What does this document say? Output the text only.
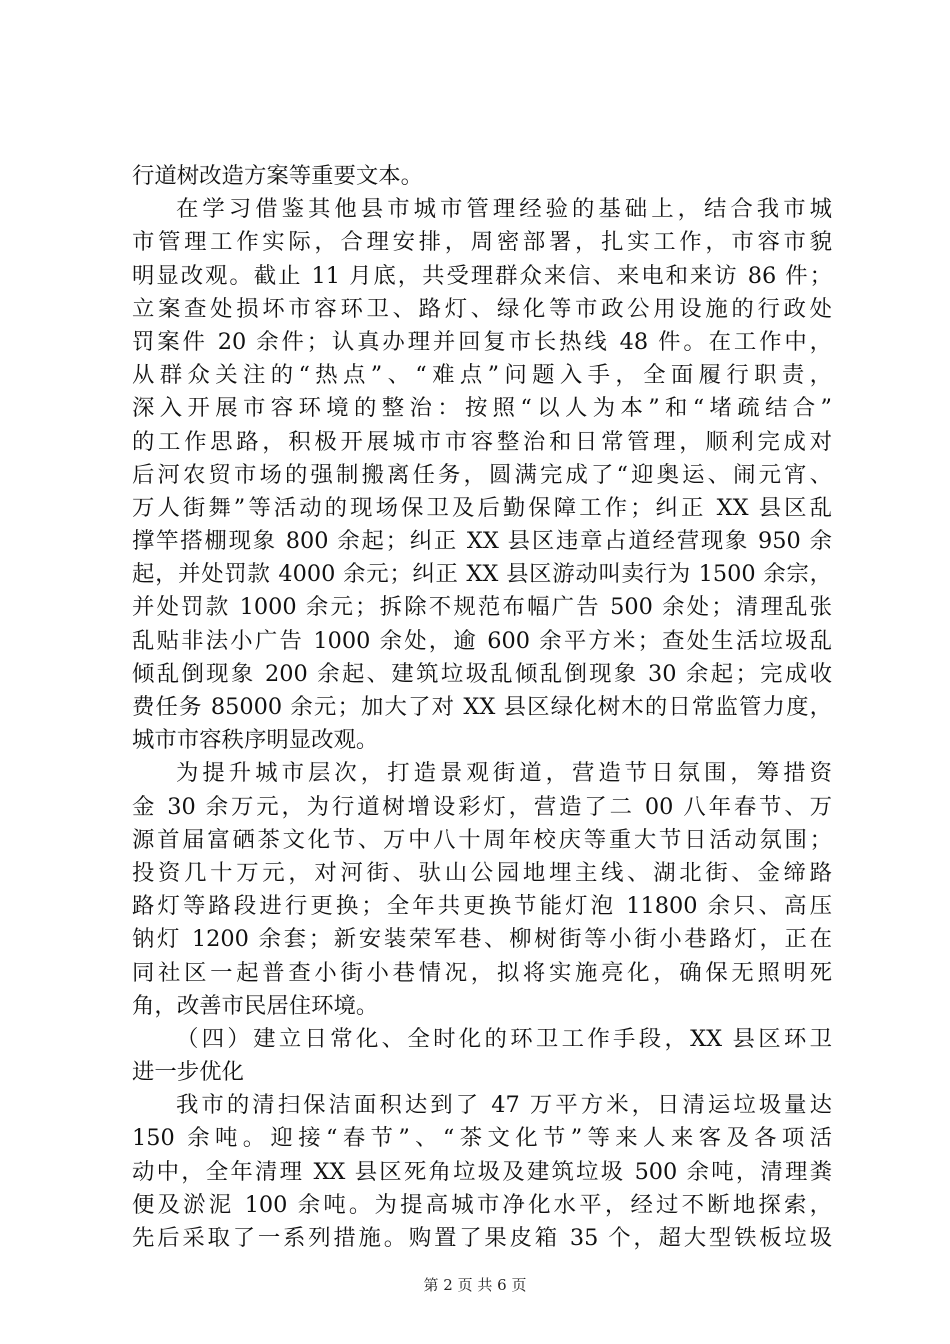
行道树改造方案等重要文本。
在学习借鉴其他县市城市管理经验的基础上，结合我市城
市管理工作实际，合理安排，周密部署，扎实工作，市容市貌
明显改观。截止 11 月底，共受理群众来信、来电和来访 86 件；
立案查处损坏市容环卫、路灯、绿化等市政公用设施的行政处
罚案件 20 余件；认真办理并回复市长热线 48 件。在工作中，
从群众关注的“热点”、“难点”问题入手，全面履行职责，
深入开展市容环境的整治：按照“以人为本”和“堵疏结合”
的工作思路，积极开展城市市容整治和日常管理，顺利完成对
后河农贸市场的强制搬离任务，圆满完成了“迎奥运、闹元宵、
万人街舞”等活动的现场保卫及后勤保障工作；纠正 XX 县区乱
撑竿搭棚现象 800 余起；纠正 XX 县区违章占道经营现象 950 余
起，并处罚款 4000 余元；纠正 XX 县区游动叫卖行为 1500 余宗，
并处罚款 1000 余元；拆除不规范布幅广告 500 余处；清理乱张
乱贴非法小广告 1000 余处，逾 600 余平方米；查处生活垃圾乱
倾乱倒现象 200 余起、建筑垃圾乱倾乱倒现象 30 余起；完成收
费任务 85000 余元；加大了对 XX 县区绿化树木的日常监管力度，
城市市容秩序明显改观。
为提升城市层次，打造景观街道，营造节日氛围，筹措资
金 30 余万元，为行道树增设彩灯，营造了二 00 八年春节、万
源首届富硒茶文化节、万中八十周年校庆等重大节日活动氛围；
投资几十万元，对河街、驮山公园地埋主线、湖北街、金缔路
路灯等路段进行更换；全年共更换节能灯泡 11800 余只、高压
钠灯 1200 余套；新安装荣军巷、柳树街等小街小巷路灯，正在
同社区一起普查小街小巷情况，拟将实施亮化，确保无照明死
角，改善市民居住环境。
（四）建立日常化、全时化的环卫工作手段，XX 县区环卫
进一步优化
我市的清扫保洁面积达到了 47 万平方米，日清运垃圾量达
150 余吨。迎接“春节”、“茶文化节”等来人来客及各项活
动中，全年清理 XX 县区死角垃圾及建筑垃圾 500 余吨，清理粪
便及淤泥 100 余吨。为提高城市净化水平，经过不断地探索，
先后采取了一系列措施。购置了果皮箱 35 个，超大型铁板垃圾
第 2 页 共 6 页
